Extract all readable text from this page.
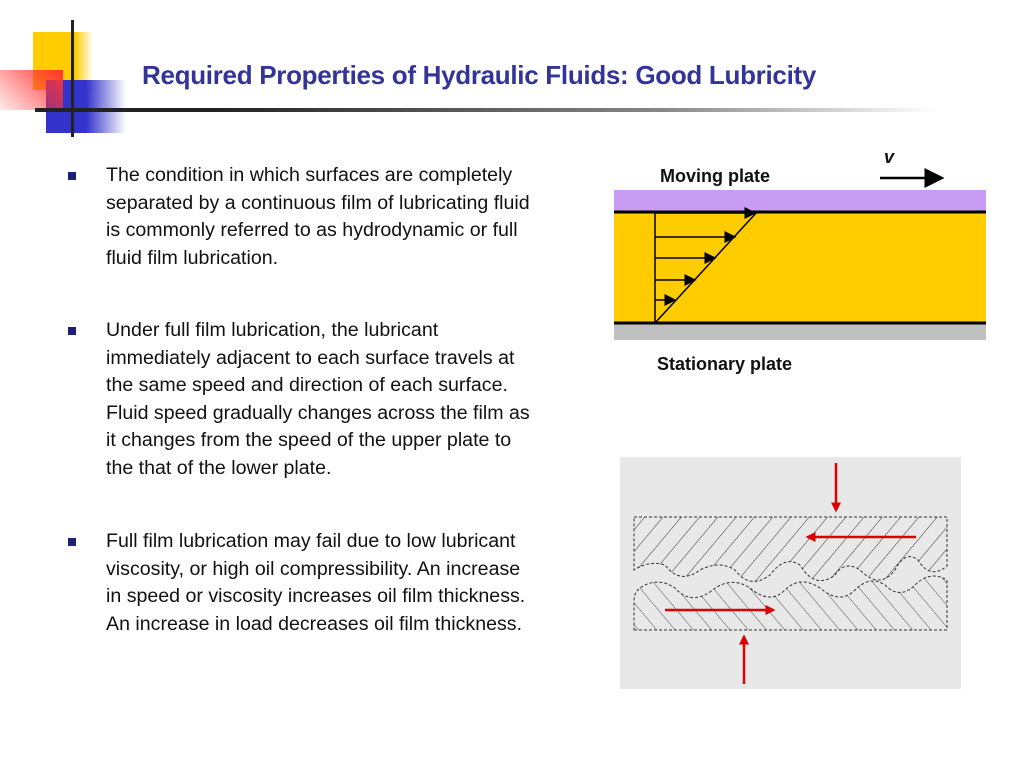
Required Properties of Hydraulic Fluids: Good Lubricity
The condition in which surfaces are completely separated by a continuous film of lubricating fluid is commonly referred to as hydrodynamic or full fluid film lubrication.
Under full film lubrication, the lubricant immediately adjacent to each surface travels at the same speed and direction of each surface. Fluid speed gradually changes across the film as it changes from the speed of the upper plate to the that of the lower plate.
Full film lubrication may fail due to low lubricant viscosity, or high oil compressibility. An increase in speed or viscosity increases oil film thickness. An increase in load decreases oil film thickness.
Moving plate
v
Stationary plate
